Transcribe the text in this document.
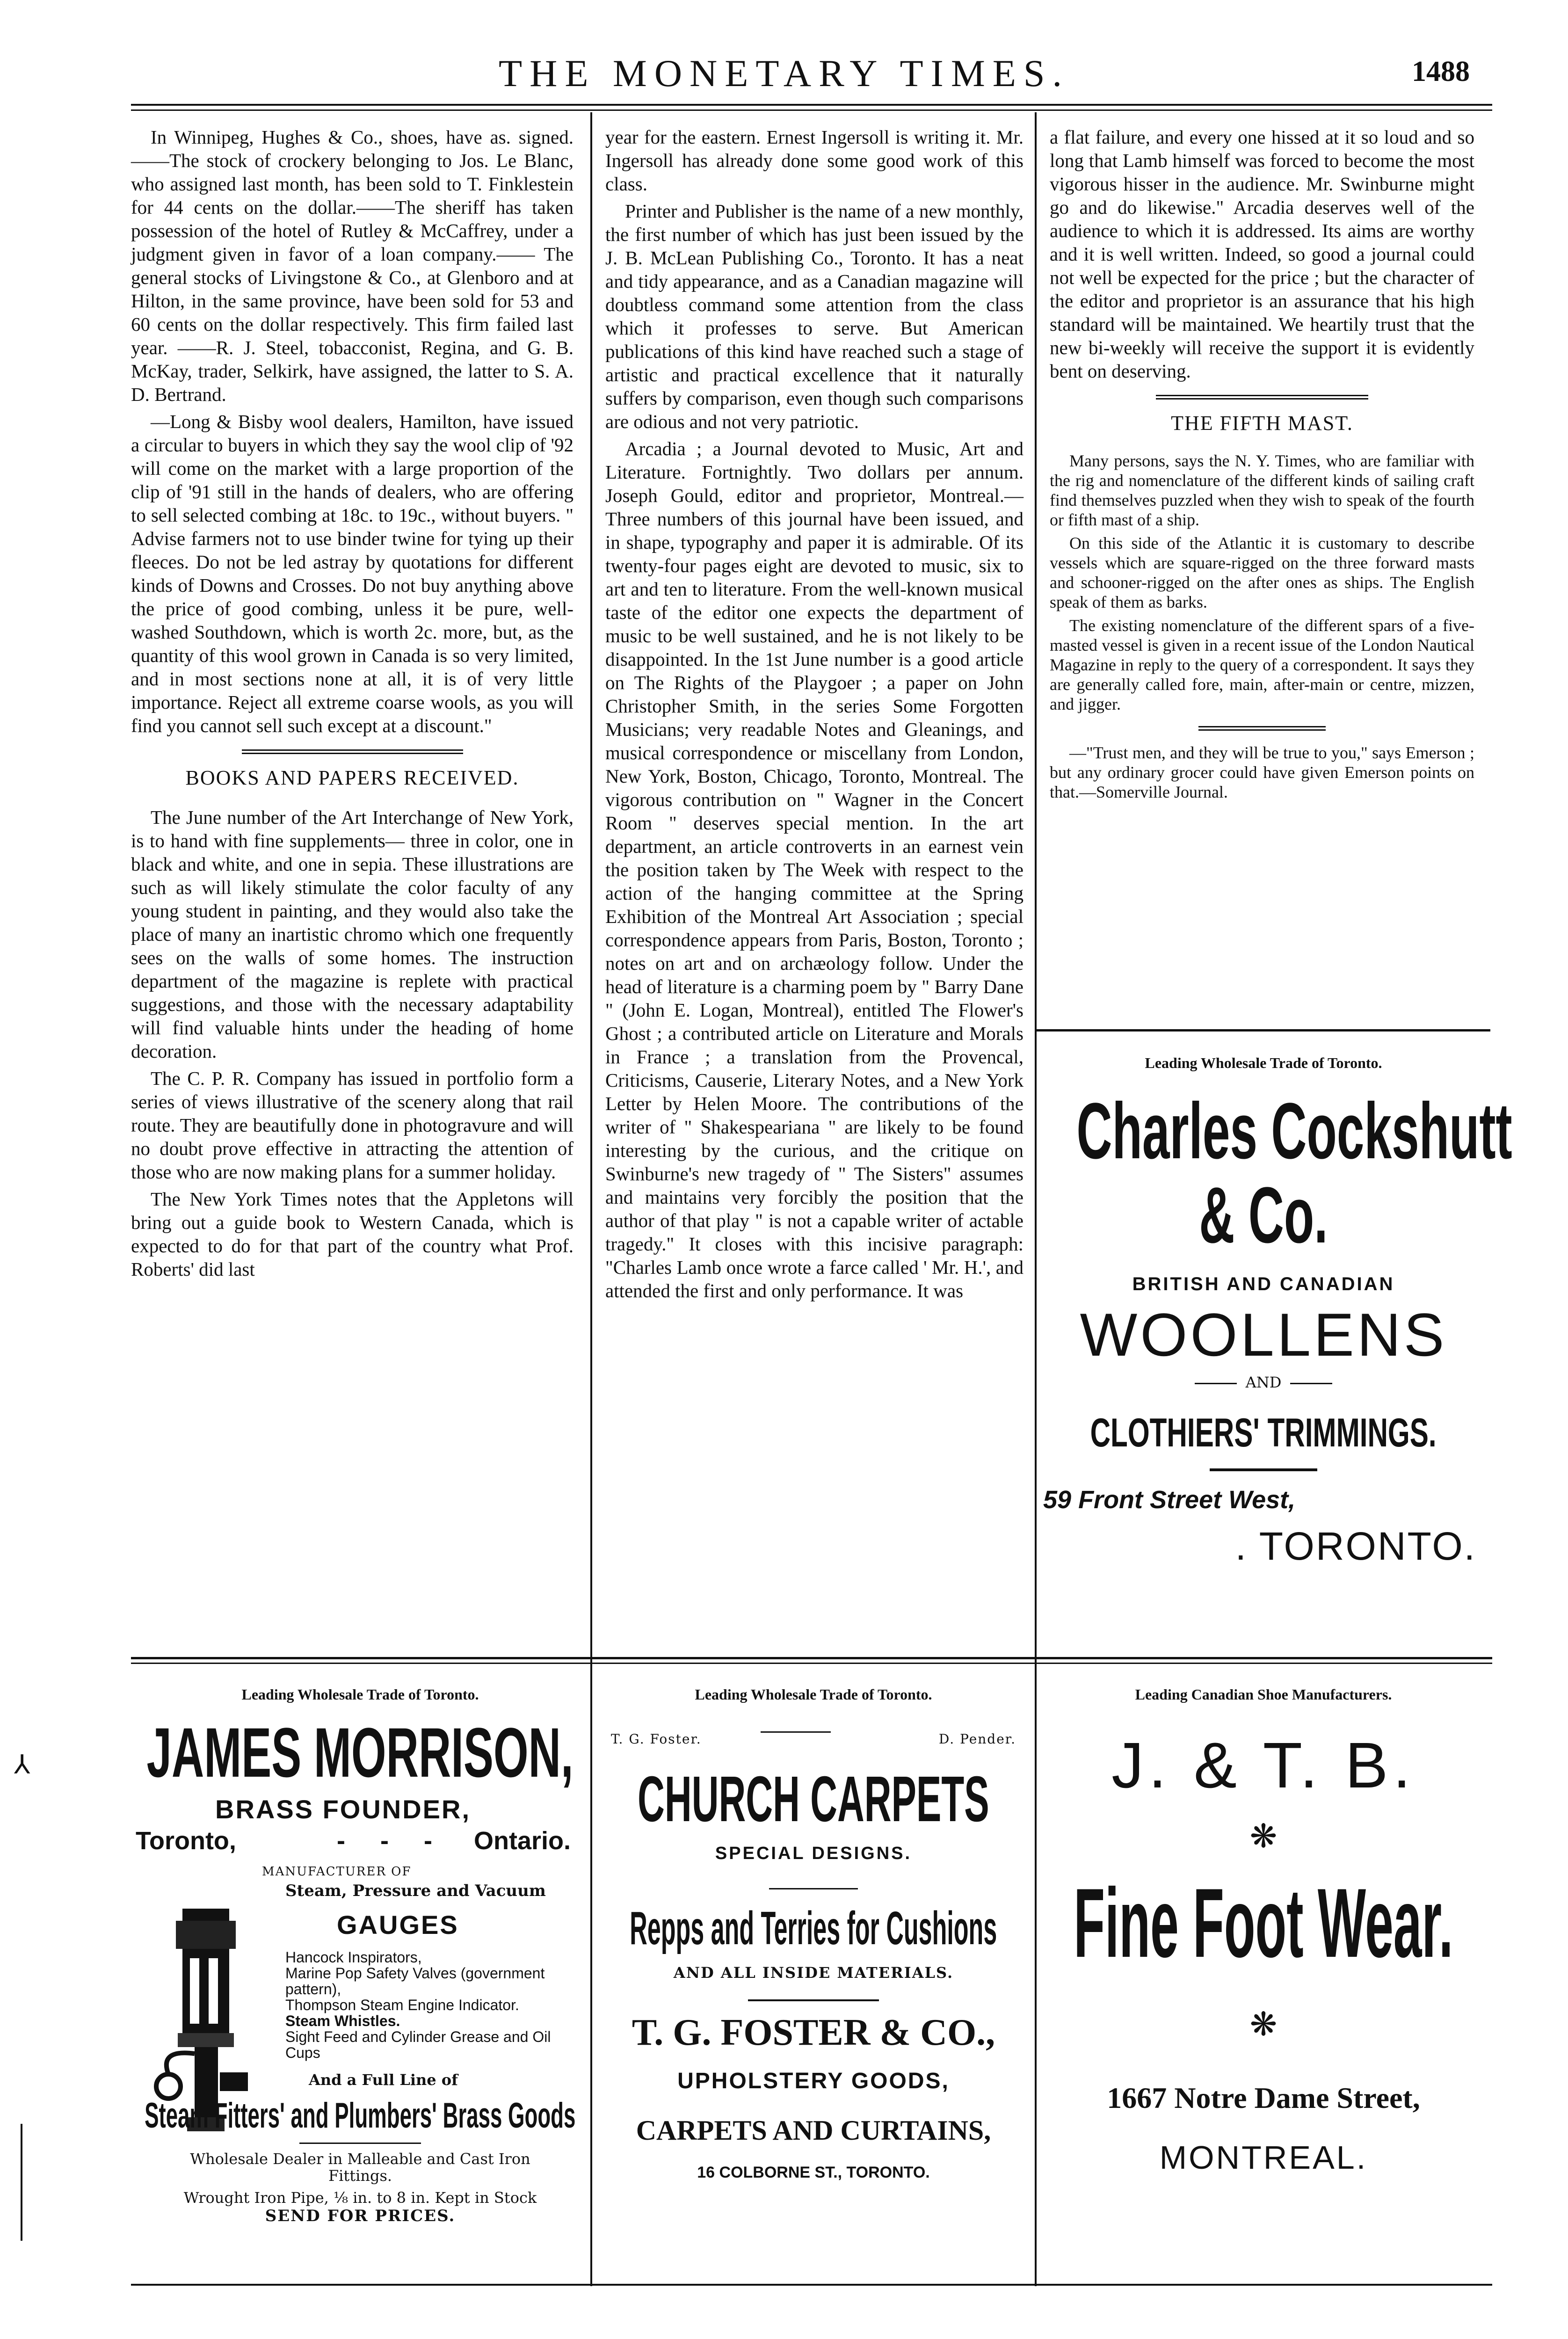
THE MONETARY TIMES.	1488

In Winnipeg, Hughes & Co., shoes, have as. signed.——The stock of crockery belonging to Jos. Le Blanc, who assigned last month, has been sold to T. Finklestein for 44 cents on the dollar.——The sheriff has taken possession of the hotel of Rutley & McCaffrey, under a judgment given in favor of a loan company.—— The general stocks of Livingstone & Co., at Glenboro and at Hilton, in the same province, have been sold for 53 and 60 cents on the dollar respectively. This firm failed last year. ——R. J. Steel, tobacconist, Regina, and G. B. McKay, trader, Selkirk, have assigned, the latter to S. A. D. Bertrand.

—Long & Bisby wool dealers, Hamilton, have issued a circular to buyers in which they say the wool clip of '92 will come on the market with a large proportion of the clip of '91 still in the hands of dealers, who are offering to sell selected combing at 18c. to 19c., without buyers. " Advise farmers not to use binder twine for tying up their fleeces. Do not be led astray by quotations for different kinds of Downs and Crosses. Do not buy anything above the price of good combing, unless it be pure, well-washed Southdown, which is worth 2c. more, but, as the quantity of this wool grown in Canada is so very limited, and in most sections none at all, it is of very little importance. Reject all extreme coarse wools, as you will find you cannot sell such except at a discount."

BOOKS AND PAPERS RECEIVED.

The June number of the Art Interchange of New York, is to hand with fine supplements— three in color, one in black and white, and one in sepia. These illustrations are such as will likely stimulate the color faculty of any young student in painting, and they would also take the place of many an inartistic chromo which one frequently sees on the walls of some homes. The instruction department of the magazine is replete with practical suggestions, and those with the necessary adaptability will find valuable hints under the heading of home decoration.

The C. P. R. Company has issued in portfolio form a series of views illustrative of the scenery along that rail route. They are beautifully done in photogravure and will no doubt prove effective in attracting the attention of those who are now making plans for a summer holiday.

The New York Times notes that the Appletons will bring out a guide book to Western Canada, which is expected to do for that part of the country what Prof. Roberts' did last

year for the eastern. Ernest Ingersoll is writing it. Mr. Ingersoll has already done some good work of this class.

Printer and Publisher is the name of a new monthly, the first number of which has just been issued by the J. B. McLean Publishing Co., Toronto. It has a neat and tidy appearance, and as a Canadian magazine will doubtless command some attention from the class which it professes to serve. But American publications of this kind have reached such a stage of artistic and practical excellence that it naturally suffers by comparison, even though such comparisons are odious and not very patriotic.

Arcadia ; a Journal devoted to Music, Art and Literature. Fortnightly. Two dollars per annum. Joseph Gould, editor and proprietor, Montreal.—Three numbers of this journal have been issued, and in shape, typography and paper it is admirable. Of its twenty-four pages eight are devoted to music, six to art and ten to literature. From the well-known musical taste of the editor one expects the department of music to be well sustained, and he is not likely to be disappointed. In the 1st June number is a good article on The Rights of the Playgoer ; a paper on John Christopher Smith, in the series Some Forgotten Musicians; very readable Notes and Gleanings, and musical correspondence or miscellany from London, New York, Boston, Chicago, Toronto, Montreal. The vigorous contribution on " Wagner in the Concert Room " deserves special mention. In the art department, an article controverts in an earnest vein the position taken by The Week with respect to the action of the hanging committee at the Spring Exhibition of the Montreal Art Association ; special correspondence appears from Paris, Boston, Toronto ; notes on art and on archæology follow. Under the head of literature is a charming poem by " Barry Dane " (John E. Logan, Montreal), entitled The Flower's Ghost ; a contributed article on Literature and Morals in France ; a translation from the Provencal, Criticisms, Causerie, Literary Notes, and a New York Letter by Helen Moore. The contributions of the writer of " Shakespeariana " are likely to be found interesting by the curious, and the critique on Swinburne's new tragedy of " The Sisters" assumes and maintains very forcibly the position that the author of that play " is not a capable writer of actable tragedy." It closes with this incisive paragraph: "Charles Lamb once wrote a farce called ' Mr. H.', and attended the first and only performance. It was

a flat failure, and every one hissed at it so loud and so long that Lamb himself was forced to become the most vigorous hisser in the audience. Mr. Swinburne might go and do likewise." Arcadia deserves well of the audience to which it is addressed. Its aims are worthy and it is well written. Indeed, so good a journal could not well be expected for the price ; but the character of the editor and proprietor is an assurance that his high standard will be maintained. We heartily trust that the new bi-weekly will receive the support it is evidently bent on deserving.

THE FIFTH MAST.

Many persons, says the N. Y. Times, who are familiar with the rig and nomenclature of the different kinds of sailing craft find themselves puzzled when they wish to speak of the fourth or fifth mast of a ship.

On this side of the Atlantic it is customary to describe vessels which are square-rigged on the three forward masts and schooner-rigged on the after ones as ships. The English speak of them as barks.

The existing nomenclature of the different spars of a five-masted vessel is given in a recent issue of the London Nautical Magazine in reply to the query of a correspondent. It says they are generally called fore, main, after-main or centre, mizzen, and jigger.

—"Trust men, and they will be true to you," says Emerson ; but any ordinary grocer could have given Emerson points on that.—Somerville Journal.

Leading Wholesale Trade of Toronto.
Charles Cockshutt
& Co.
BRITISH AND CANADIAN
WOOLLENS
AND
CLOTHIERS' TRIMMINGS.
59 Front Street West,
. TORONTO.
Leading Wholesale Trade of Toronto.
JAMES MORRISON,
BRASS FOUNDER,
Toronto,	- - - Ontario.
MANUFACTURER OF
Steam, Pressure and Vacuum
GAUGES
Hancock Inspirators,
Marine Pop Safety Valves (government pattern),
Thompson Steam Engine Indicator.
Steam Whistles.
Sight Feed and Cylinder Grease and Oil Cups
And a Full Line of
Steam Fitters' and Plumbers' Brass Goods
Wholesale Dealer in Malleable and Cast Iron Fittings.
Wrought Iron Pipe, ⅛ in. to 8 in. Kept in Stock
SEND FOR PRICES.
Leading Wholesale Trade of Toronto.
T. G. Foster.	D. Pender.
CHURCH CARPETS
SPECIAL DESIGNS.
Repps and Terries for Cushions
AND ALL INSIDE MATERIALS.
T. G. FOSTER & CO.,
UPHOLSTERY GOODS,
CARPETS AND CURTAINS,
16 COLBORNE ST., TORONTO.
Leading Canadian Shoe Manufacturers.
J. & T. B.
❋
Fine Foot Wear.
❋
1667 Notre Dame Street,
MONTREAL.
⅄
